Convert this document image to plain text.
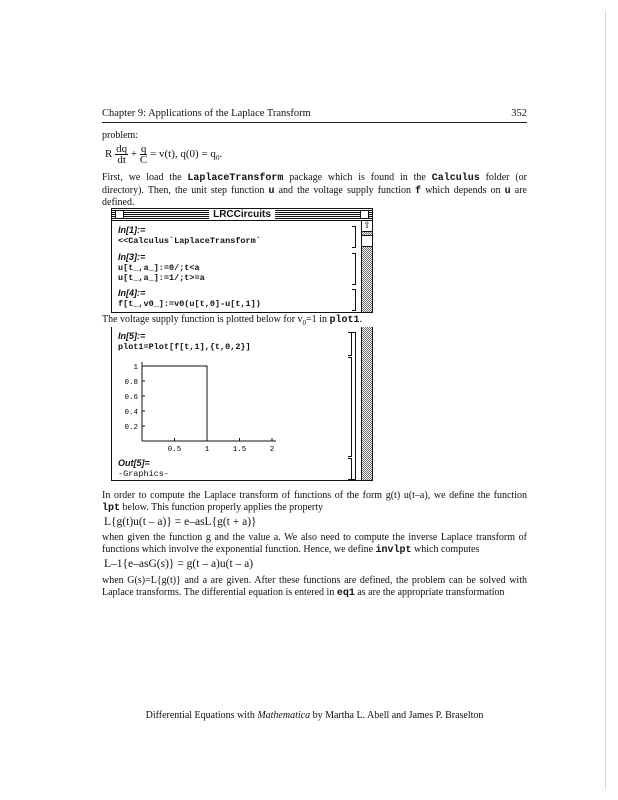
Chapter 9: Applications of the Laplace Transform	352
problem:
R $\frac{dq}{dt} + \frac{q}{C} = v(t)$, $q(0) = q_0$.
First, we load the LaplaceTransform package which is found in the Calculus folder (or directory). Then, the unit step function u and the voltage supply function f which depends on u are defined.
LRCCircuits
⇧
In[1]:=
<<Calculus`LaplaceTransform`
In[3]:=
u[t_,a_]:=0/;t<a
u[t_,a_]:=1/;t>=a
In[4]:=
f[t_,v0_]:=v0(u[t,0]-u[t,1])
The voltage supply function is plotted below for $v_0=1$ in plot1.
In[5]:=
plot1=Plot[f[t,1],{t,0,2}]
0.5	1	1.5	2
1
0.8
0.6
0.4
0.2
Out[5]=
-Graphics-
In order to compute the Laplace transform of functions of the form g(t) u(t–a), we define the function lpt below. This function properly applies the property
L{g(t)u(t – a)} = e–asL{g(t + a)}
when given the function g and the value a. We also need to compute the inverse Laplace transform of functions which involve the exponential function. Hence, we define invlpt which computes
L–1{e–asG(s)} = g(t – a)u(t – a)
when G(s)=L{g(t)} and a are given. After these functions are defined, the problem can be solved with Laplace transforms. The differential equation is entered in eq1 as are the appropriate transformation
Differential Equations with Mathematica by Martha L. Abell and James P. Braselton
